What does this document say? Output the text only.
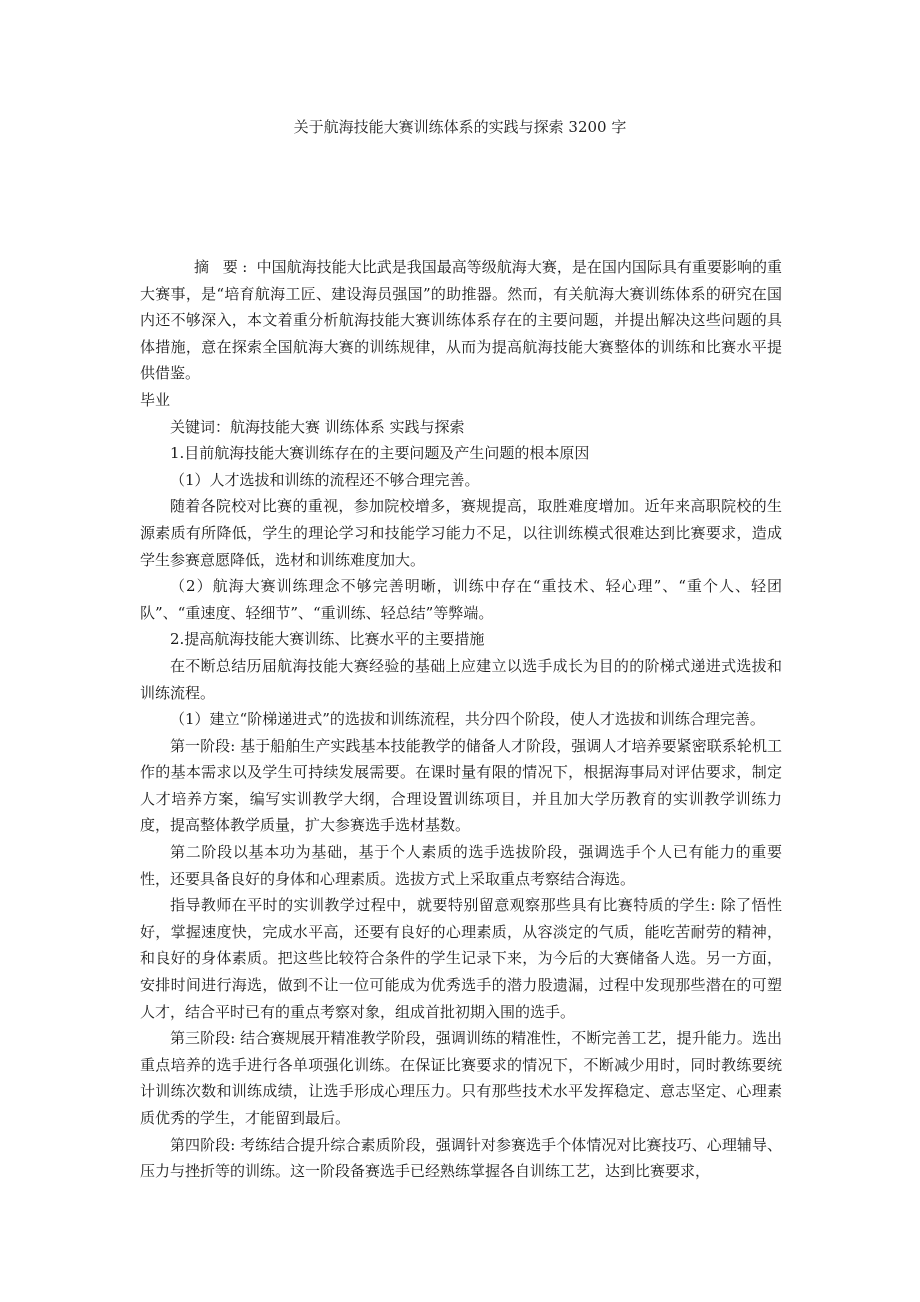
关于航海技能大赛训练体系的实践与探索 3200 字

摘 要: 中国航海技能大比武是我国最高等级航海大赛，是在国内国际具有重要影响的重大赛事，是“培育航海工匠、建设海员强国”的助推器。然而，有关航海大赛训练体系的研究在国内还不够深入，本文着重分析航海技能大赛训练体系存在的主要问题，并提出解决这些问题的具体措施，意在探索全国航海大赛的训练规律，从而为提高航海技能大赛整体的训练和比赛水平提供借鉴。

毕业

关键词：航海技能大赛 训练体系 实践与探索

1.目前航海技能大赛训练存在的主要问题及产生问题的根本原因

（1）人才选拔和训练的流程还不够合理完善。

随着各院校对比赛的重视，参加院校增多，赛规提高，取胜难度增加。近年来高职院校的生源素质有所降低，学生的理论学习和技能学习能力不足，以往训练模式很难达到比赛要求，造成学生参赛意愿降低，选材和训练难度加大。

（2）航海大赛训练理念不够完善明晰，训练中存在“重技术、轻心理”、“重个人、轻团队”、“重速度、轻细节”、“重训练、轻总结”等弊端。

2.提高航海技能大赛训练、比赛水平的主要措施

在不断总结历届航海技能大赛经验的基础上应建立以选手成长为目的的阶梯式递进式选拔和训练流程。

（1）建立“阶梯递进式”的选拔和训练流程，共分四个阶段，使人才选拔和训练合理完善。

第一阶段: 基于船舶生产实践基本技能教学的储备人才阶段，强调人才培养要紧密联系轮机工作的基本需求以及学生可持续发展需要。在课时量有限的情况下，根据海事局对评估要求，制定人才培养方案，编写实训教学大纲，合理设置训练项目，并且加大学历教育的实训教学训练力度，提高整体教学质量，扩大参赛选手选材基数。

第二阶段以基本功为基础，基于个人素质的选手选拔阶段，强调选手个人已有能力的重要性，还要具备良好的身体和心理素质。选拔方式上采取重点考察结合海选。

指导教师在平时的实训教学过程中，就要特别留意观察那些具有比赛特质的学生: 除了悟性好，掌握速度快，完成水平高，还要有良好的心理素质，从容淡定的气质，能吃苦耐劳的精神，和良好的身体素质。把这些比较符合条件的学生记录下来，为今后的大赛储备人选。另一方面，安排时间进行海选，做到不让一位可能成为优秀选手的潜力股遗漏，过程中发现那些潜在的可塑人才，结合平时已有的重点考察对象，组成首批初期入围的选手。

第三阶段: 结合赛规展开精准教学阶段，强调训练的精准性，不断完善工艺，提升能力。选出重点培养的选手进行各单项强化训练。在保证比赛要求的情况下，不断减少用时，同时教练要统计训练次数和训练成绩，让选手形成心理压力。只有那些技术水平发挥稳定、意志坚定、心理素质优秀的学生，才能留到最后。

第四阶段: 考练结合提升综合素质阶段，强调针对参赛选手个体情况对比赛技巧、心理辅导、压力与挫折等的训练。这一阶段备赛选手已经熟练掌握各自训练工艺，达到比赛要求，
